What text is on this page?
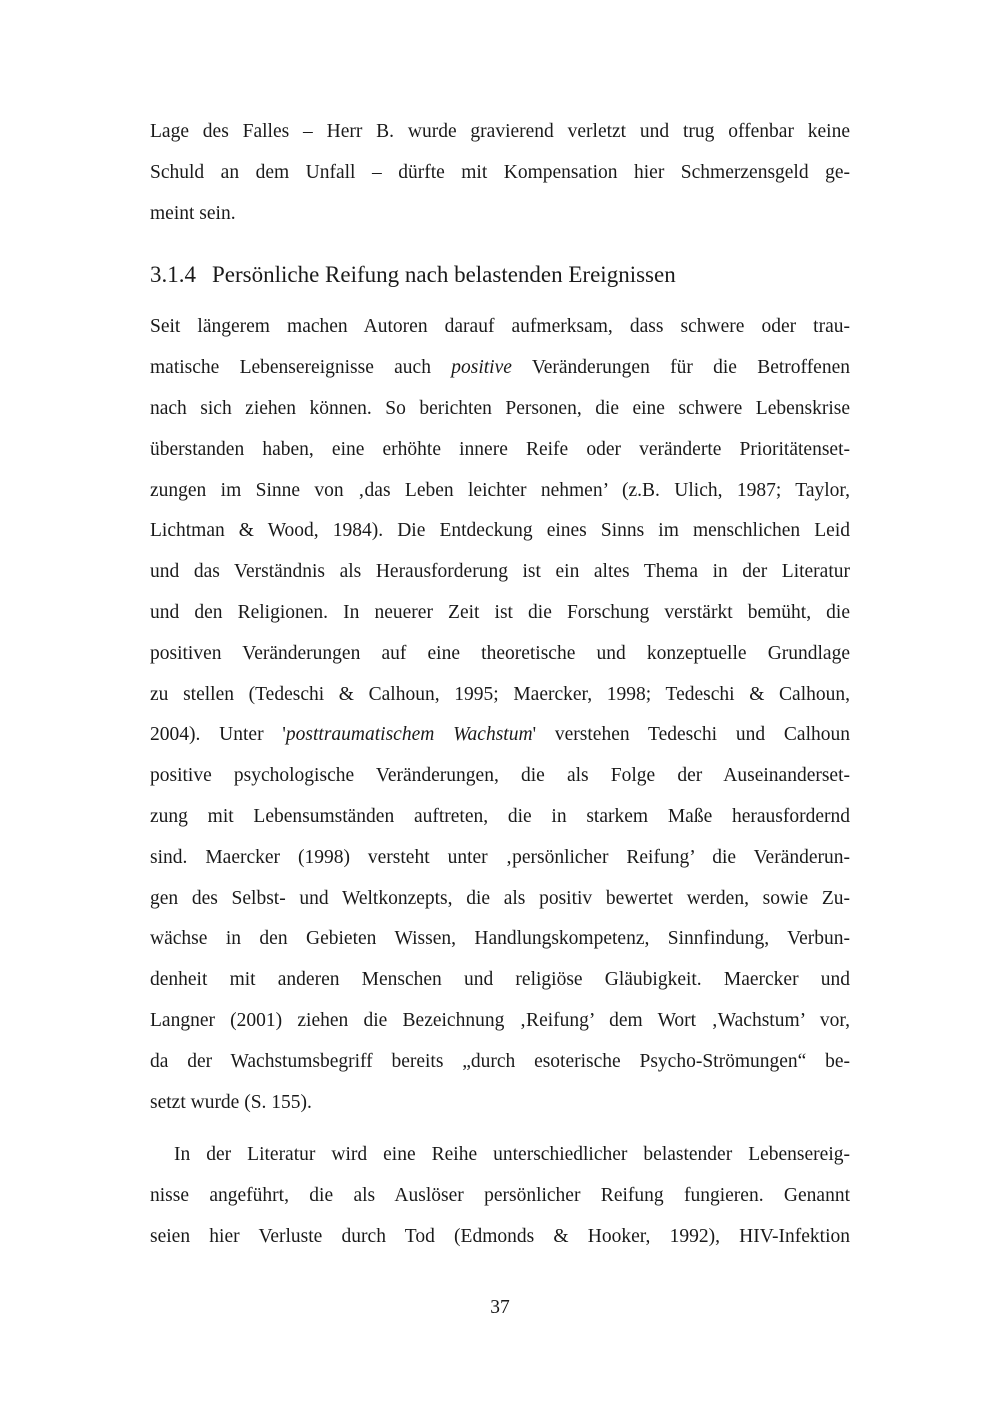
Lage des Falles – Herr B. wurde gravierend verletzt und trug offenbar keine
Schuld an dem Unfall – dürfte mit Kompensation hier Schmerzensgeld ge-
meint sein.

3.1.4 Persönliche Reifung nach belastenden Ereignissen

Seit längerem machen Autoren darauf aufmerksam, dass schwere oder trau-
matische Lebensereignisse auch positive Veränderungen für die Betroffenen
nach sich ziehen können. So berichten Personen, die eine schwere Lebenskrise
überstanden haben, eine erhöhte innere Reife oder veränderte Prioritätenset-
zungen im Sinne von ‚das Leben leichter nehmen’ (z.B. Ulich, 1987; Taylor,
Lichtman & Wood, 1984). Die Entdeckung eines Sinns im menschlichen Leid
und das Verständnis als Herausforderung ist ein altes Thema in der Literatur
und den Religionen. In neuerer Zeit ist die Forschung verstärkt bemüht, die
positiven Veränderungen auf eine theoretische und konzeptuelle Grundlage
zu stellen (Tedeschi & Calhoun, 1995; Maercker, 1998; Tedeschi & Calhoun,
2004). Unter 'posttraumatischem Wachstum' verstehen Tedeschi und Calhoun
positive psychologische Veränderungen, die als Folge der Auseinanderset-
zung mit Lebensumständen auftreten, die in starkem Maße herausfordernd
sind. Maercker (1998) versteht unter ‚persönlicher Reifung’ die Veränderun-
gen des Selbst- und Weltkonzepts, die als positiv bewertet werden, sowie Zu-
wächse in den Gebieten Wissen, Handlungskompetenz, Sinnfindung, Verbun-
denheit mit anderen Menschen und religiöse Gläubigkeit. Maercker und
Langner (2001) ziehen die Bezeichnung ‚Reifung’ dem Wort ‚Wachstum’ vor,
da der Wachstumsbegriff bereits „durch esoterische Psycho-Strömungen“ be-
setzt wurde (S. 155).

In der Literatur wird eine Reihe unterschiedlicher belastender Lebensereig-
nisse angeführt, die als Auslöser persönlicher Reifung fungieren. Genannt
seien hier Verluste durch Tod (Edmonds & Hooker, 1992), HIV-Infektion

37
